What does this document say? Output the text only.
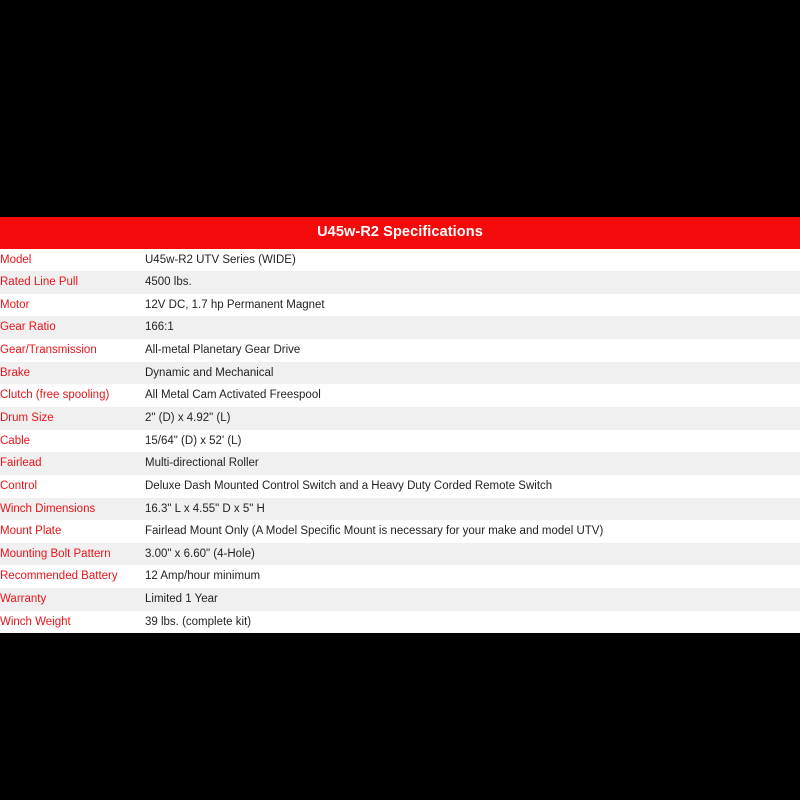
U45w-R2 Specifications
Model	U45w-R2 UTV Series (WIDE)
Rated Line Pull	4500 lbs.
Motor	12V DC, 1.7 hp Permanent Magnet
Gear Ratio	166:1
Gear/Transmission	All-metal Planetary Gear Drive
Brake	Dynamic and Mechanical
Clutch (free spooling)	All Metal Cam Activated Freespool
Drum Size	2" (D) x 4.92" (L)
Cable	15/64" (D) x 52' (L)
Fairlead	Multi-directional Roller
Control	Deluxe Dash Mounted Control Switch and a Heavy Duty Corded Remote Switch
Winch Dimensions	16.3" L x 4.55" D x 5" H
Mount Plate	Fairlead Mount Only (A Model Specific Mount is necessary for your make and model UTV)
Mounting Bolt Pattern	3.00" x 6.60" (4-Hole)
Recommended Battery	12 Amp/hour minimum
Warranty	Limited 1 Year
Winch Weight	39 lbs. (complete kit)
